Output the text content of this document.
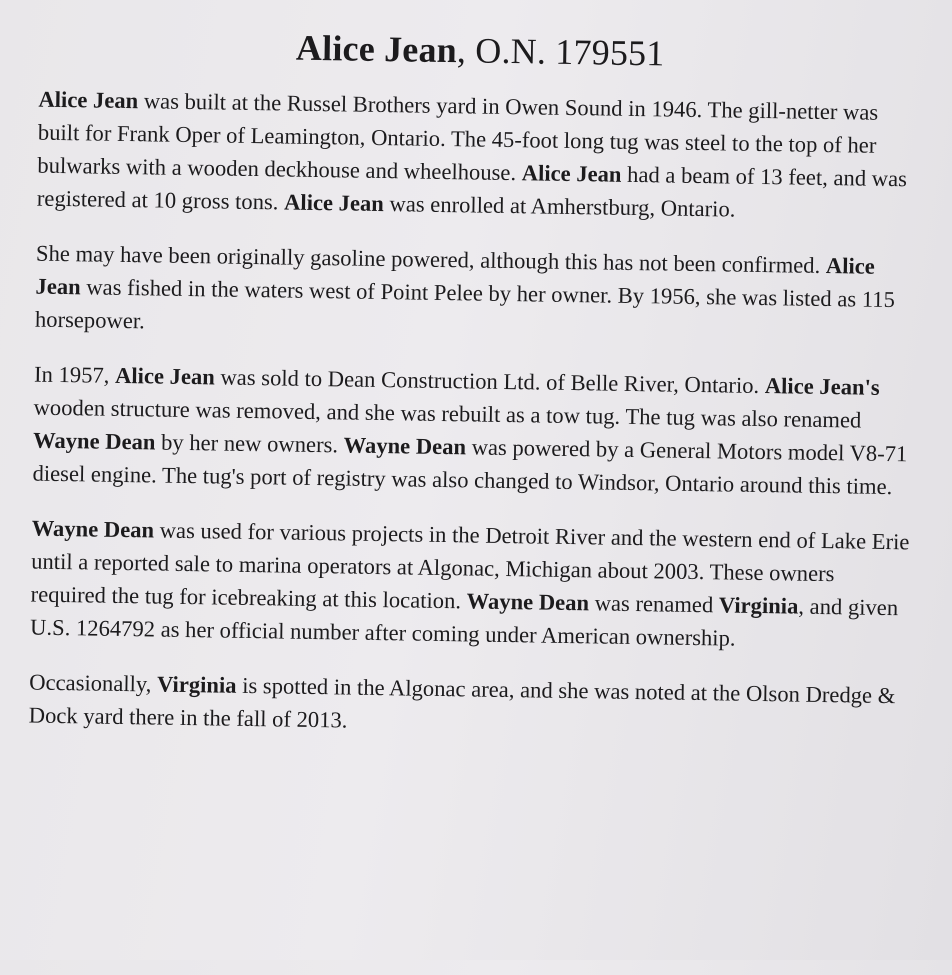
Alice Jean, O.N. 179551

Alice Jean was built at the Russel Brothers yard in Owen Sound in 1946. The gill-netter was built for Frank Oper of Leamington, Ontario. The 45-foot long tug was steel to the top of her bulwarks with a wooden deckhouse and wheelhouse. Alice Jean had a beam of 13 feet, and was registered at 10 gross tons. Alice Jean was enrolled at Amherstburg, Ontario.

She may have been originally gasoline powered, although this has not been confirmed. Alice Jean was fished in the waters west of Point Pelee by her owner. By 1956, she was listed as 115 horsepower.

In 1957, Alice Jean was sold to Dean Construction Ltd. of Belle River, Ontario. Alice Jean's wooden structure was removed, and she was rebuilt as a tow tug. The tug was also renamed Wayne Dean by her new owners. Wayne Dean was powered by a General Motors model V8-71 diesel engine. The tug's port of registry was also changed to Windsor, Ontario around this time.

Wayne Dean was used for various projects in the Detroit River and the western end of Lake Erie until a reported sale to marina operators at Algonac, Michigan about 2003. These owners required the tug for icebreaking at this location. Wayne Dean was renamed Virginia, and given U.S. 1264792 as her official number after coming under American ownership.

Occasionally, Virginia is spotted in the Algonac area, and she was noted at the Olson Dredge & Dock yard there in the fall of 2013.
